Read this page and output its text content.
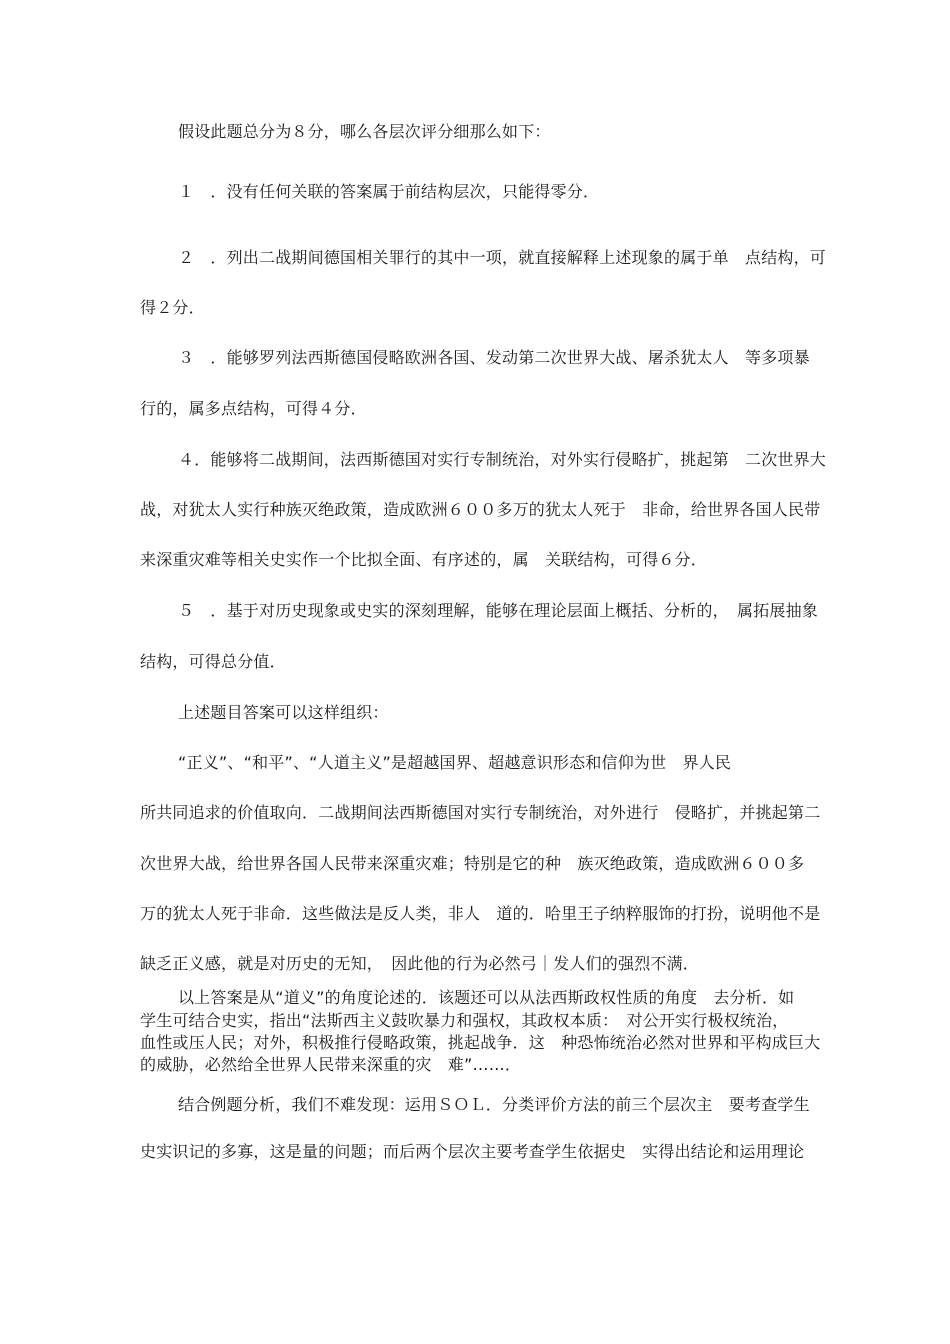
假设此题总分为８分，哪么各层次评分细那么如下：
１　．没有任何关联的答案属于前结构层次，只能得零分．
２　．列出二战期间德国相关罪行的其中一项，就直接解释上述现象的属于单　点结构，可
得２分．
３　．能够罗列法西斯德国侵略欧洲各国、发动第二次世界大战、屠杀犹太人　等多项暴
行的，属多点结构，可得４分．
４．能够将二战期间，法西斯德国对实行专制统治，对外实行侵略扩，挑起第　二次世界大
战，对犹太人实行种族灭绝政策，造成欧洲６００多万的犹太人死于　非命，给世界各国人民带
来深重灾难等相关史实作一个比拟全面、有序述的，属　关联结构，可得６分．
５　．基于对历史现象或史实的深刻理解，能够在理论层面上概括、分析的，　属拓展抽象
结构，可得总分值．
上述题目答案可以这样组织：
“正义”、“和平”、“人道主义”是超越国界、超越意识形态和信仰为世　界人民
所共同追求的价值取向．二战期间法西斯德国对实行专制统治，对外进行　侵略扩，并挑起第二
次世界大战，给世界各国人民带来深重灾难；特别是它的种　族灭绝政策，造成欧洲６００多
万的犹太人死于非命．这些做法是反人类，非人　道的．哈里王子纳粹服饰的打扮，说明他不是
缺乏正义感，就是对历史的无知，　因此他的行为必然弓｜发人们的强烈不满．
以上答案是从“道义”的角度论述的．该题还可以从法西斯政权性质的角度　去分析．如
学生可结合史实，指出“法斯西主义鼓吹暴力和强权，其政权本质：　对公开实行极权统治，
血性或压人民；对外，积极推行侵略政策，挑起战争．这　种恐怖统治必然对世界和平构成巨大
的威胁，必然给全世界人民带来深重的灾　难”……．
结合例题分析，我们不难发现：运用ＳＯＬ．分类评价方法的前三个层次主　要考查学生
史实识记的多寡，这是量的问题；而后两个层次主要考查学生依据史　实得出结论和运用理论
